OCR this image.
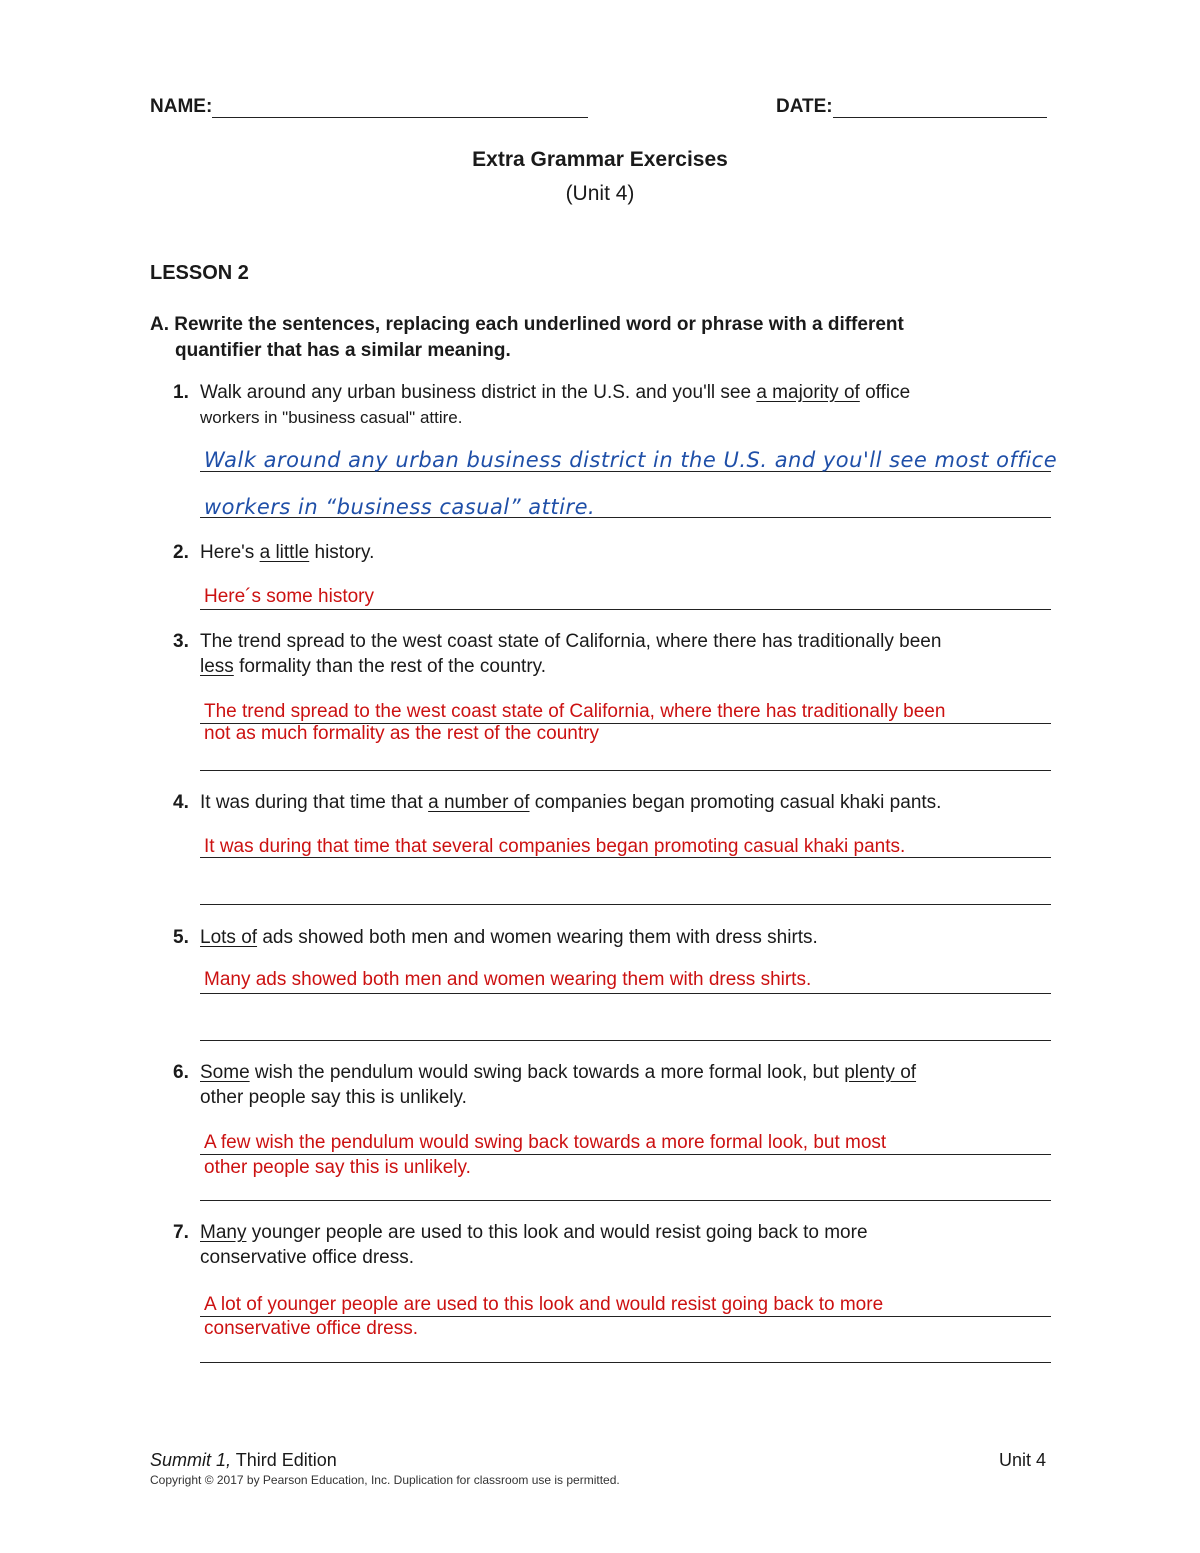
NAME:	DATE:
Extra Grammar Exercises
(Unit 4)
LESSON 2
A. Rewrite the sentences, replacing each underlined word or phrase with a different
quantifier that has a similar meaning.
1. Walk around any urban business district in the U.S. and you'll see a majority of office
workers in "business casual" attire.
Walk around any urban business district in the U.S. and you'll see most office
workers in “business casual” attire.
2. Here's a little history.
Here´s some history
3. The trend spread to the west coast state of California, where there has traditionally been
less formality than the rest of the country.
The trend spread to the west coast state of California, where there has traditionally been
not as much formality as the rest of the country
4. It was during that time that a number of companies began promoting casual khaki pants.
It was during that time that several companies began promoting casual khaki pants.
5. Lots of ads showed both men and women wearing them with dress shirts.
Many ads showed both men and women wearing them with dress shirts.
6. Some wish the pendulum would swing back towards a more formal look, but plenty of
other people say this is unlikely.
A few wish the pendulum would swing back towards a more formal look, but most
other people say this is unlikely.
7. Many younger people are used to this look and would resist going back to more
conservative office dress.
A lot of younger people are used to this look and would resist going back to more
conservative office dress.
Summit 1, Third Edition	Unit 4
Copyright © 2017 by Pearson Education, Inc. Duplication for classroom use is permitted.
